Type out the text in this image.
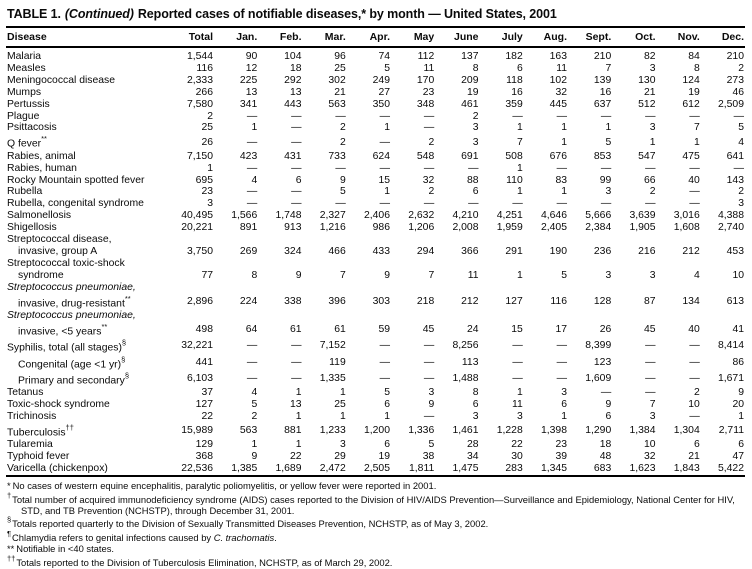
TABLE 1. (Continued) Reported cases of notifiable diseases,* by month — United States, 2001
Disease	Total	Jan.	Feb.	Mar.	Apr.	May	June	July	Aug.	Sept.	Oct.	Nov.	Dec.
Malaria	1,544	90	104	96	74	112	137	182	163	210	82	84	210
Measles	116	12	18	25	5	11	8	6	11	7	3	8	2
Meningococcal disease	2,333	225	292	302	249	170	209	118	102	139	130	124	273
Mumps	266	13	13	21	27	23	19	16	32	16	21	19	46
Pertussis	7,580	341	443	563	350	348	461	359	445	637	512	612	2,509
Plague	2	—	—	—	—	—	2	—	—	—	—	—	—
Psittacosis	25	1	—	2	1	—	3	1	1	1	3	7	5
Q fever**	26	—	—	2	—	2	3	7	1	5	1	1	4
Rabies, animal	7,150	423	431	733	624	548	691	508	676	853	547	475	641
Rabies, human	1	—	—	—	—	—	—	1	—	—	—	—	—
Rocky Mountain spotted fever	695	4	6	9	15	32	88	110	83	99	66	40	143
Rubella	23	—	—	5	1	2	6	1	1	3	2	—	2
Rubella, congenital syndrome	3	—	—	—	—	—	—	—	—	—	—	—	3
Salmonellosis	40,495	1,566	1,748	2,327	2,406	2,632	4,210	4,251	4,646	5,666	3,639	3,016	4,388
Shigellosis	20,221	891	913	1,216	986	1,206	2,008	1,959	2,405	2,384	1,905	1,608	2,740
Streptococcal disease,													
invasive, group A	3,750	269	324	466	433	294	366	291	190	236	216	212	453
Streptococcal toxic-shock													
syndrome	77	8	9	7	9	7	11	1	5	3	3	4	10
Streptococcus pneumoniae,													
invasive, drug-resistant**	2,896	224	338	396	303	218	212	127	116	128	87	134	613
Streptococcus pneumoniae,													
invasive, <5 years**	498	64	61	61	59	45	24	15	17	26	45	40	41
Syphilis, total (all stages)§	32,221	—	—	7,152	—	—	8,256	—	—	8,399	—	—	8,414
Congenital (age <1 yr)§	441	—	—	119	—	—	113	—	—	123	—	—	86
Primary and secondary§	6,103	—	—	1,335	—	—	1,488	—	—	1,609	—	—	1,671
Tetanus	37	4	1	1	5	3	8	1	3	—	—	2	9
Toxic-shock syndrome	127	5	13	25	6	9	6	11	6	9	7	10	20
Trichinosis	22	2	1	1	1	—	3	3	1	6	3	—	1
Tuberculosis††	15,989	563	881	1,233	1,200	1,336	1,461	1,228	1,398	1,290	1,384	1,304	2,711
Tularemia	129	1	1	3	6	5	28	22	23	18	10	6	6
Typhoid fever	368	9	22	29	19	38	34	30	39	48	32	21	47
Varicella (chickenpox)	22,536	1,385	1,689	2,472	2,505	1,811	1,475	283	1,345	683	1,623	1,843	5,422
* No cases of western equine encephalitis, paralytic poliomyelitis, or yellow fever were reported in 2001.
†Total number of acquired immunodeficiency syndrome (AIDS) cases reported to the Division of HIV/AIDS Prevention—Surveillance and Epidemiology, National Center for HIV, STD, and TB Prevention (NCHSTP), through December 31, 2001.
§Totals reported quarterly to the Division of Sexually Transmitted Diseases Prevention, NCHSTP, as of May 3, 2002.
¶Chlamydia refers to genital infections caused by C. trachomatis.
** Notifiable in <40 states.
††Totals reported to the Division of Tuberculosis Elimination, NCHSTP, as of March 29, 2002.
